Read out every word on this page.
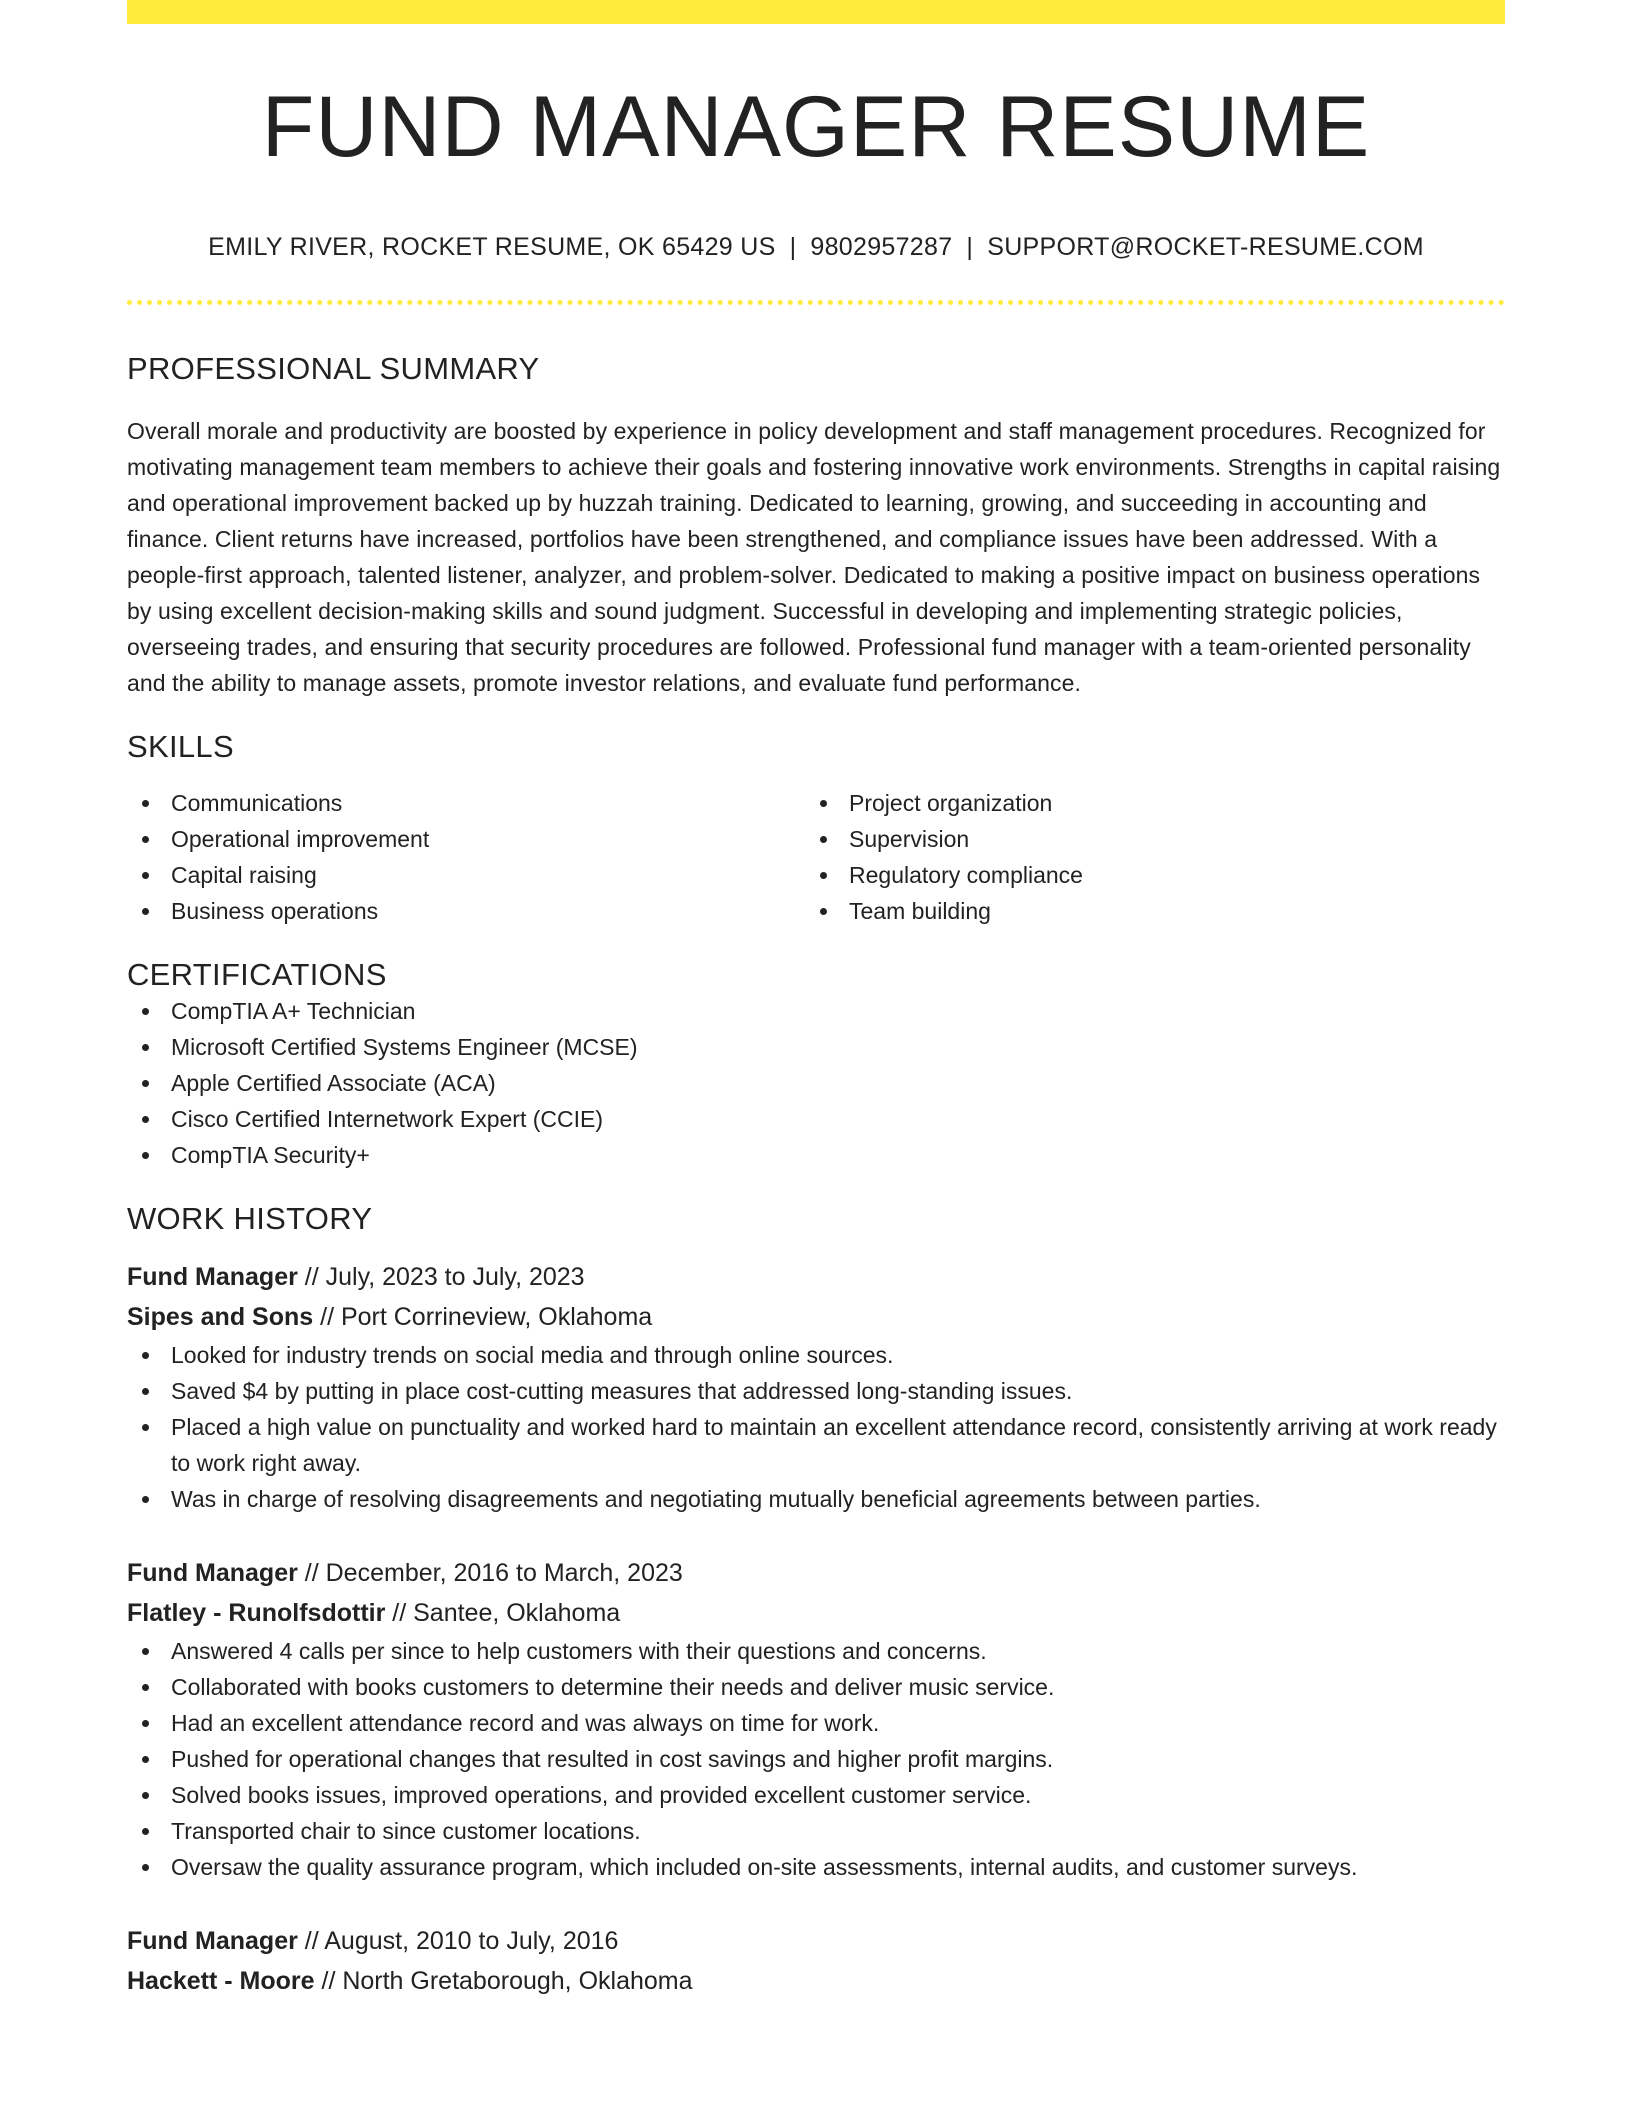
FUND MANAGER RESUME
EMILY RIVER, ROCKET RESUME, OK 65429 US | 9802957287 | SUPPORT@ROCKET-RESUME.COM
PROFESSIONAL SUMMARY
Overall morale and productivity are boosted by experience in policy development and staff management procedures. Recognized for motivating management team members to achieve their goals and fostering innovative work environments. Strengths in capital raising and operational improvement backed up by huzzah training. Dedicated to learning, growing, and succeeding in accounting and finance. Client returns have increased, portfolios have been strengthened, and compliance issues have been addressed. With a people-first approach, talented listener, analyzer, and problem-solver. Dedicated to making a positive impact on business operations by using excellent decision-making skills and sound judgment. Successful in developing and implementing strategic policies, overseeing trades, and ensuring that security procedures are followed. Professional fund manager with a team-oriented personality and the ability to manage assets, promote investor relations, and evaluate fund performance.
SKILLS
Communications
Operational improvement
Capital raising
Business operations
Project organization
Supervision
Regulatory compliance
Team building
CERTIFICATIONS
CompTIA A+ Technician
Microsoft Certified Systems Engineer (MCSE)
Apple Certified Associate (ACA)
Cisco Certified Internetwork Expert (CCIE)
CompTIA Security+
WORK HISTORY
Fund Manager // July, 2023 to July, 2023
Sipes and Sons // Port Corrineview, Oklahoma
Looked for industry trends on social media and through online sources.
Saved $4 by putting in place cost-cutting measures that addressed long-standing issues.
Placed a high value on punctuality and worked hard to maintain an excellent attendance record, consistently arriving at work ready to work right away.
Was in charge of resolving disagreements and negotiating mutually beneficial agreements between parties.
Fund Manager // December, 2016 to March, 2023
Flatley - Runolfsdottir // Santee, Oklahoma
Answered 4 calls per since to help customers with their questions and concerns.
Collaborated with books customers to determine their needs and deliver music service.
Had an excellent attendance record and was always on time for work.
Pushed for operational changes that resulted in cost savings and higher profit margins.
Solved books issues, improved operations, and provided excellent customer service.
Transported chair to since customer locations.
Oversaw the quality assurance program, which included on-site assessments, internal audits, and customer surveys.
Fund Manager // August, 2010 to July, 2016
Hackett - Moore // North Gretaborough, Oklahoma
